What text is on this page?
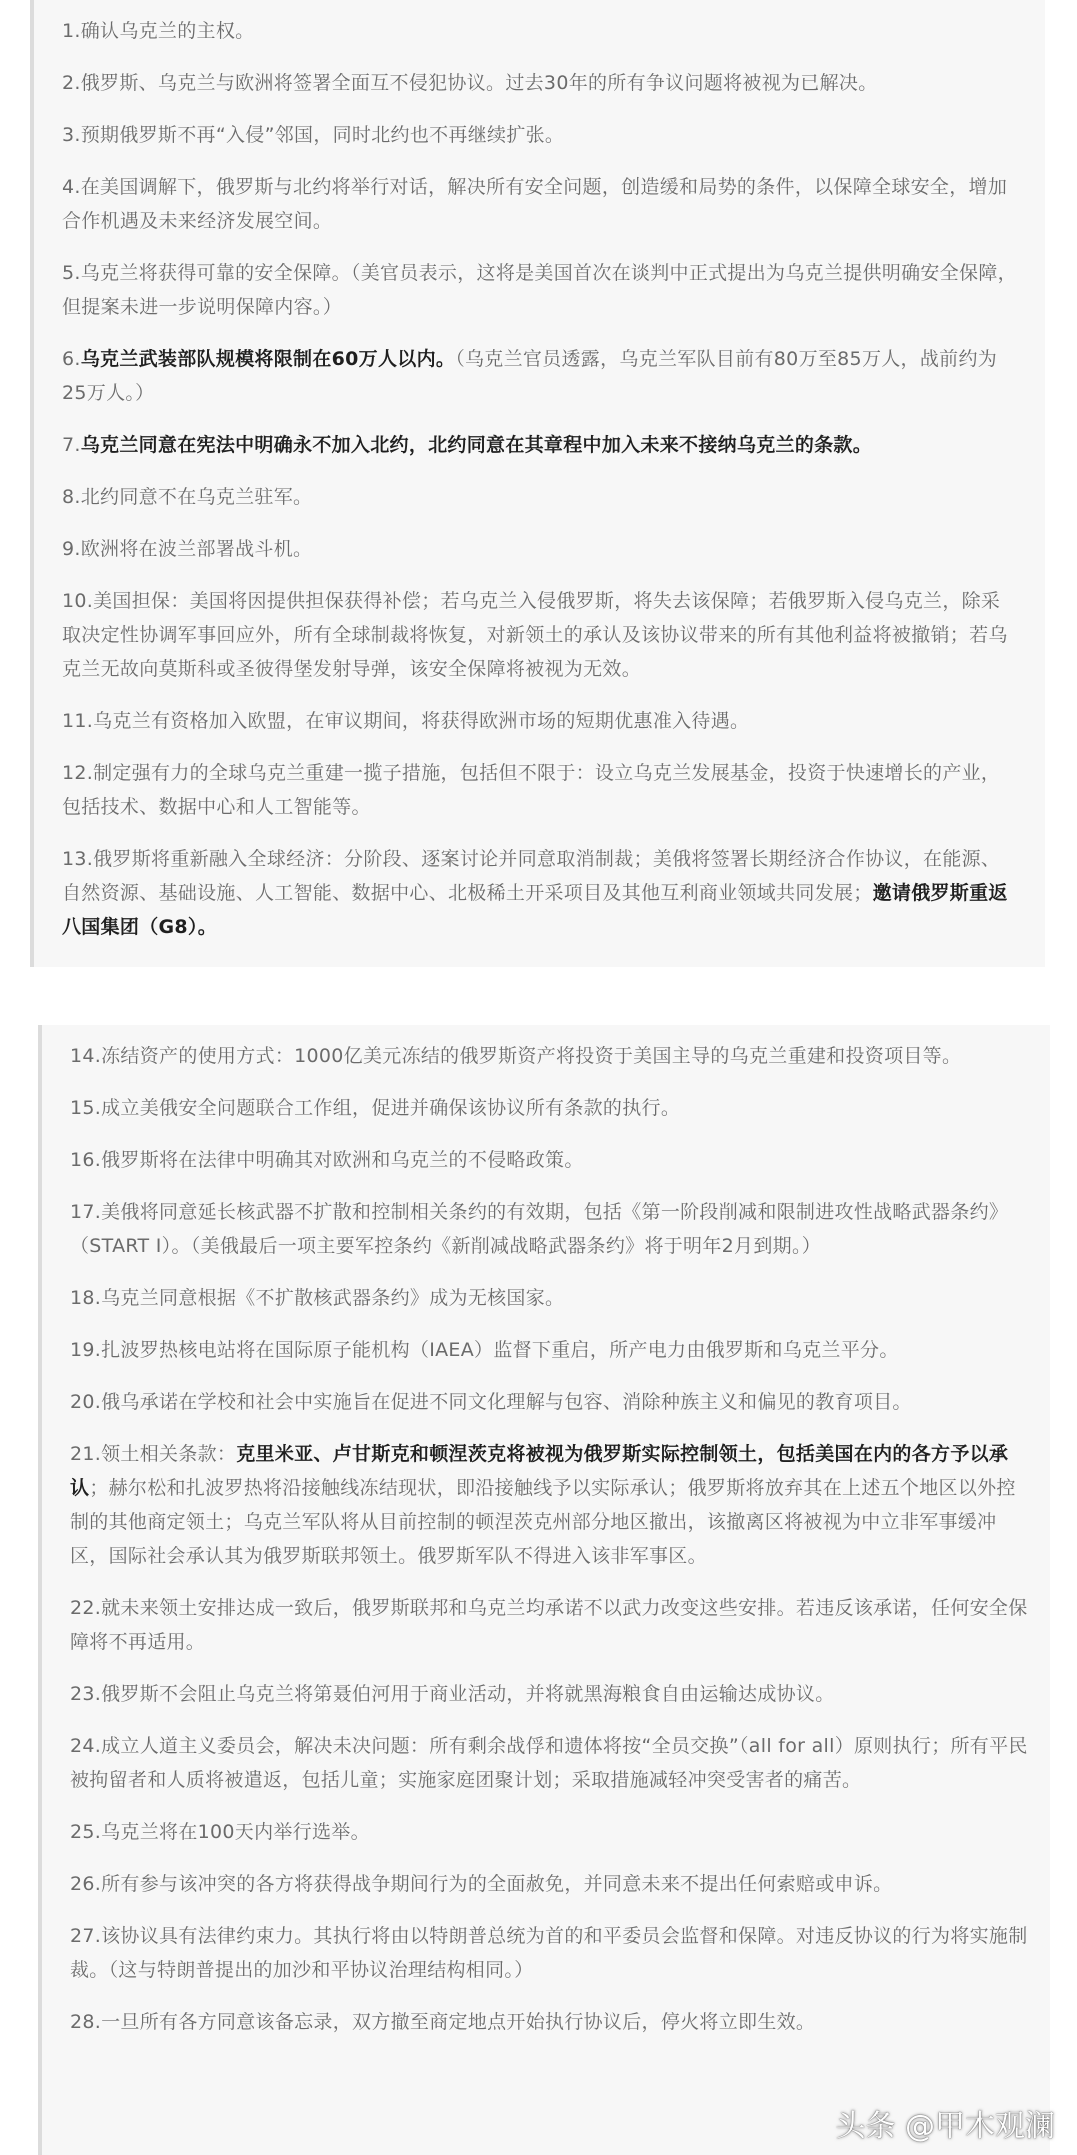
1.确认乌克兰的主权。

2.俄罗斯、乌克兰与欧洲将签署全面互不侵犯协议。过去30年的所有争议问题将被视为已解决。

3.预期俄罗斯不再“入侵”邻国，同时北约也不再继续扩张。

4.在美国调解下，俄罗斯与北约将举行对话，解决所有安全问题，创造缓和局势的条件，以保障全球安全，增加合作机遇及未来经济发展空间。

5.乌克兰将获得可靠的安全保障。（美官员表示，这将是美国首次在谈判中正式提出为乌克兰提供明确安全保障，但提案未进一步说明保障内容。）

6.乌克兰武装部队规模将限制在60万人以内。（乌克兰官员透露，乌克兰军队目前有80万至85万人，战前约为25万人。）

7.乌克兰同意在宪法中明确永不加入北约，北约同意在其章程中加入未来不接纳乌克兰的条款。

8.北约同意不在乌克兰驻军。

9.欧洲将在波兰部署战斗机。

10.美国担保：美国将因提供担保获得补偿；若乌克兰入侵俄罗斯，将失去该保障；若俄罗斯入侵乌克兰，除采取决定性协调军事回应外，所有全球制裁将恢复，对新领土的承认及该协议带来的所有其他利益将被撤销；若乌克兰无故向莫斯科或圣彼得堡发射导弹，该安全保障将被视为无效。

11.乌克兰有资格加入欧盟，在审议期间，将获得欧洲市场的短期优惠准入待遇。

12.制定强有力的全球乌克兰重建一揽子措施，包括但不限于：设立乌克兰发展基金，投资于快速增长的产业，包括技术、数据中心和人工智能等。

13.俄罗斯将重新融入全球经济：分阶段、逐案讨论并同意取消制裁；美俄将签署长期经济合作协议，在能源、自然资源、基础设施、人工智能、数据中心、北极稀土开采项目及其他互利商业领域共同发展；邀请俄罗斯重返八国集团（G8）。

14.冻结资产的使用方式：1000亿美元冻结的俄罗斯资产将投资于美国主导的乌克兰重建和投资项目等。

15.成立美俄安全问题联合工作组，促进并确保该协议所有条款的执行。

16.俄罗斯将在法律中明确其对欧洲和乌克兰的不侵略政策。

17.美俄将同意延长核武器不扩散和控制相关条约的有效期，包括《第一阶段削减和限制进攻性战略武器条约》（START I）。（美俄最后一项主要军控条约《新削减战略武器条约》将于明年2月到期。）

18.乌克兰同意根据《不扩散核武器条约》成为无核国家。

19.扎波罗热核电站将在国际原子能机构（IAEA）监督下重启，所产电力由俄罗斯和乌克兰平分。

20.俄乌承诺在学校和社会中实施旨在促进不同文化理解与包容、消除种族主义和偏见的教育项目。

21.领土相关条款：克里米亚、卢甘斯克和顿涅茨克将被视为俄罗斯实际控制领土，包括美国在内的各方予以承认；赫尔松和扎波罗热将沿接触线冻结现状，即沿接触线予以实际承认；俄罗斯将放弃其在上述五个地区以外控制的其他商定领土；乌克兰军队将从目前控制的顿涅茨克州部分地区撤出，该撤离区将被视为中立非军事缓冲区，国际社会承认其为俄罗斯联邦领土。俄罗斯军队不得进入该非军事区。

22.就未来领土安排达成一致后，俄罗斯联邦和乌克兰均承诺不以武力改变这些安排。若违反该承诺，任何安全保障将不再适用。

23.俄罗斯不会阻止乌克兰将第聂伯河用于商业活动，并将就黑海粮食自由运输达成协议。

24.成立人道主义委员会，解决未决问题：所有剩余战俘和遗体将按“全员交换”（all for all）原则执行；所有平民被拘留者和人质将被遣返，包括儿童；实施家庭团聚计划；采取措施减轻冲突受害者的痛苦。

25.乌克兰将在100天内举行选举。

26.所有参与该冲突的各方将获得战争期间行为的全面赦免，并同意未来不提出任何索赔或申诉。

27.该协议具有法律约束力。其执行将由以特朗普总统为首的和平委员会监督和保障。对违反协议的行为将实施制裁。（这与特朗普提出的加沙和平协议治理结构相同。）

28.一旦所有各方同意该备忘录，双方撤至商定地点开始执行协议后，停火将立即生效。

头条 @甲木观澜
